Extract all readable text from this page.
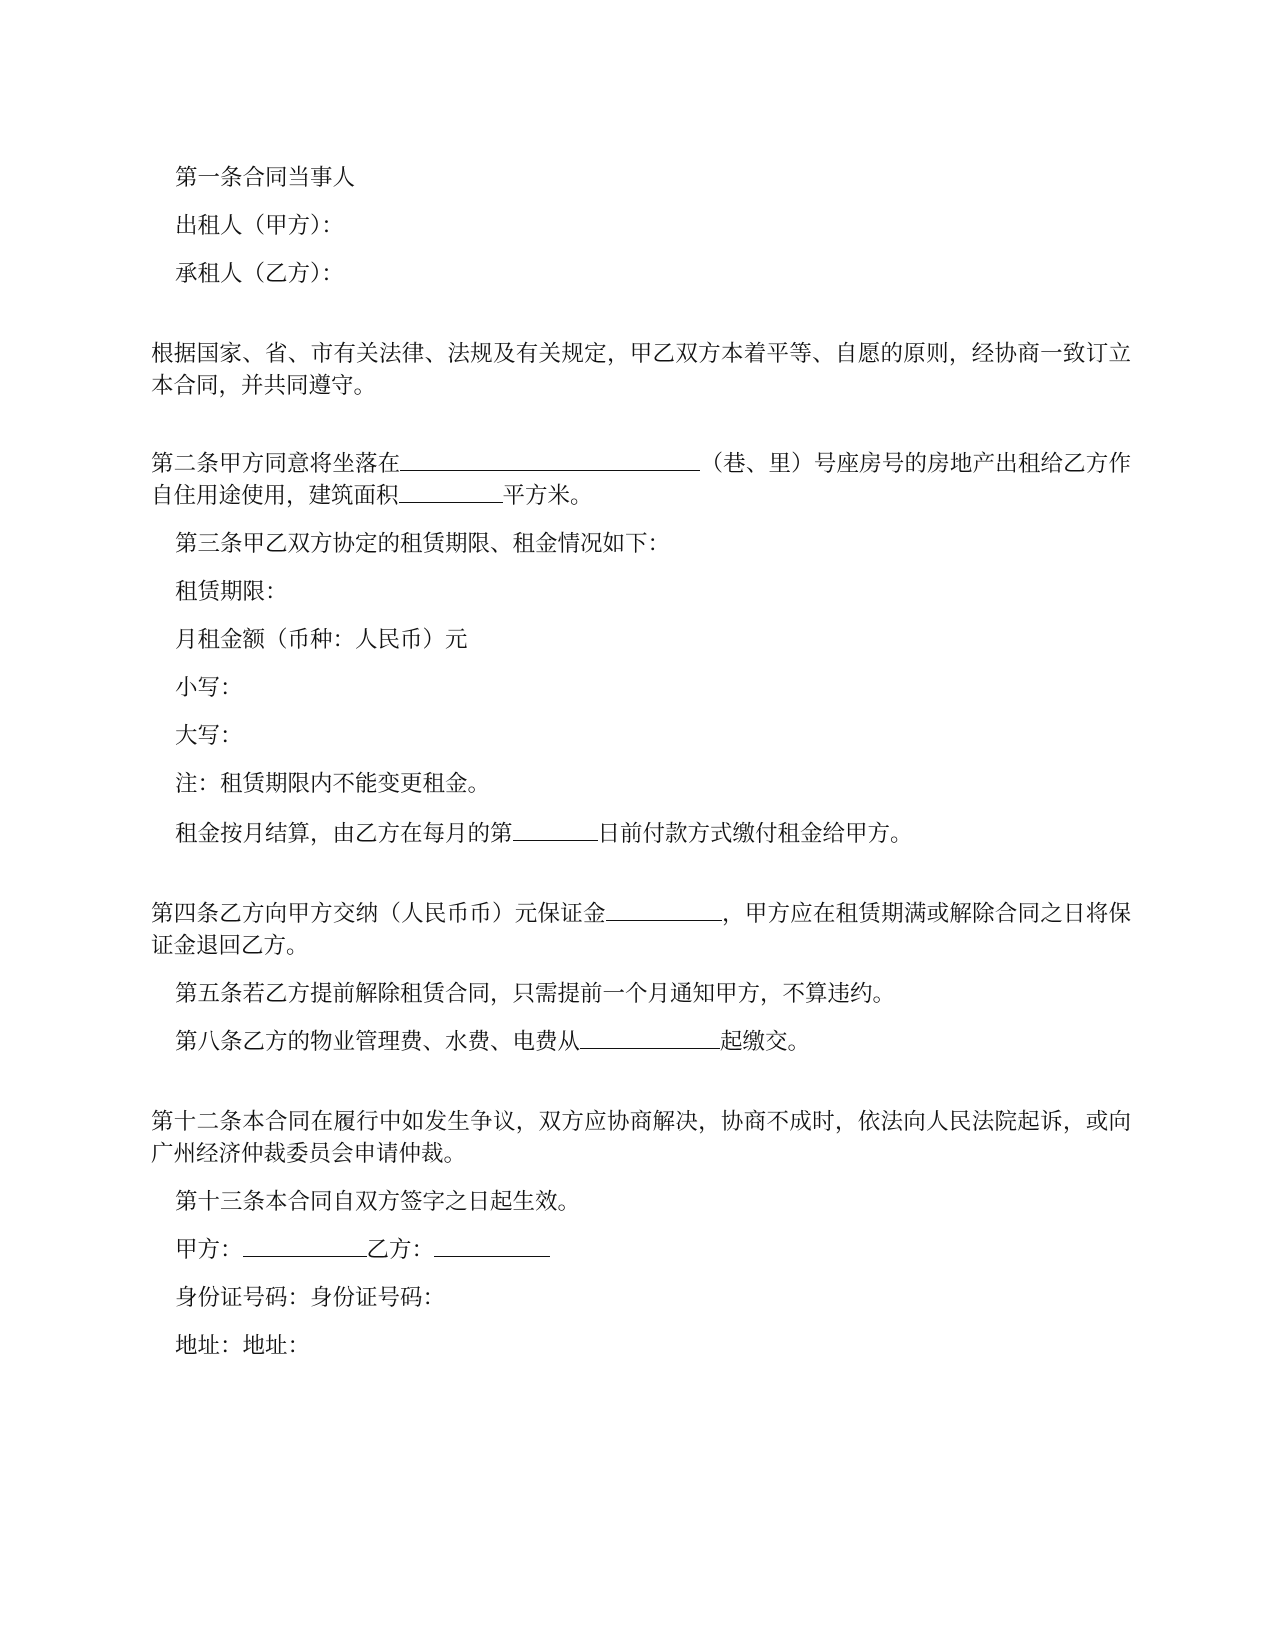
第一条合同当事人
出租人（甲方）：
承租人（乙方）：
根据国家、省、市有关法律、法规及有关规定，甲乙双方本着平等、自愿的原则，经协商一致订立本合同，并共同遵守。
第二条甲方同意将坐落在	（巷、里）号座房号的房地产出租给乙方作自住用途使用，建筑面积	平方米。
第三条甲乙双方协定的租赁期限、租金情况如下：
租赁期限：
月租金额（币种：人民币）元
小写：
大写：
注：租赁期限内不能变更租金。
租金按月结算，由乙方在每月的第	日前付款方式缴付租金给甲方。
第四条乙方向甲方交纳（人民币币）元保证金	，甲方应在租赁期满或解除合同之日将保证金退回乙方。
第五条若乙方提前解除租赁合同，只需提前一个月通知甲方，不算违约。
第八条乙方的物业管理费、水费、电费从	起缴交。
第十二条本合同在履行中如发生争议，双方应协商解决，协商不成时，依法向人民法院起诉，或向广州经济仲裁委员会申请仲裁。
第十三条本合同自双方签字之日起生效。
甲方：	乙方：
身份证号码：身份证号码：
地址：地址：
